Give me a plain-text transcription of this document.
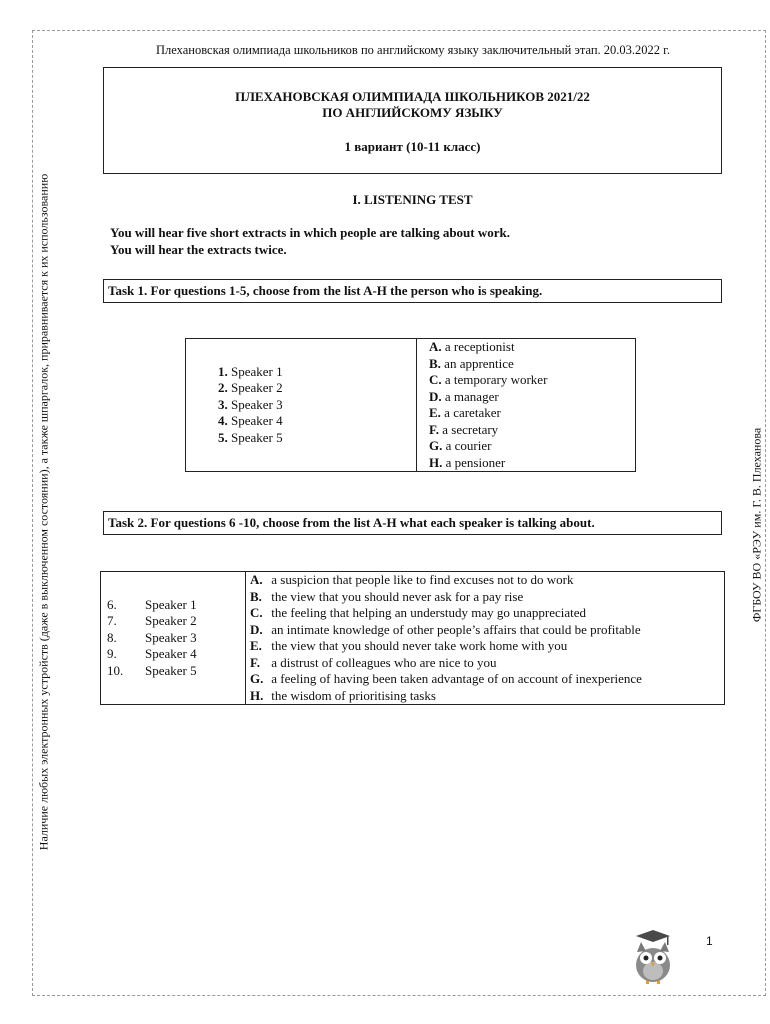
Плехановская олимпиада школьников по английскому языку заключительный этап. 20.03.2022 г.
ПЛЕХАНОВСКАЯ ОЛИМПИАДА ШКОЛЬНИКОВ 2021/22
ПО АНГЛИЙСКОМУ ЯЗЫКУ
1 вариант (10-11 класс)
I. LISTENING TEST
You will hear five short extracts in which people are talking about work.
You will hear the extracts twice.
Task 1. For questions 1-5, choose from the list A-H the person who is speaking.
1. Speaker 1
2. Speaker 2
3. Speaker 3
4. Speaker 4
5. Speaker 5

A. a receptionist
B. an apprentice
C. a temporary worker
D. a manager
E. a caretaker
F. a secretary
G. a courier
H. a pensioner
Task 2. For questions 6 -10, choose from the list A-H what each speaker is talking about.
6. Speaker 1
7. Speaker 2
8. Speaker 3
9. Speaker 4
10. Speaker 5

A. a suspicion that people like to find excuses not to do work
B. the view that you should never ask for a pay rise
C. the feeling that helping an understudy may go unappreciated
D. an intimate knowledge of other people’s affairs that could be profitable
E. the view that you should never take work home with you
F. a distrust of colleagues who are nice to you
G. a feeling of having been taken advantage of on account of inexperience
H. the wisdom of prioritising tasks
Наличие любых электронных устройств (даже в выключенном состоянии), а также шпаргалок, приравнивается к их использованию	ФГБОУ ВО «РЭУ им. Г. В. Плеханова
1
